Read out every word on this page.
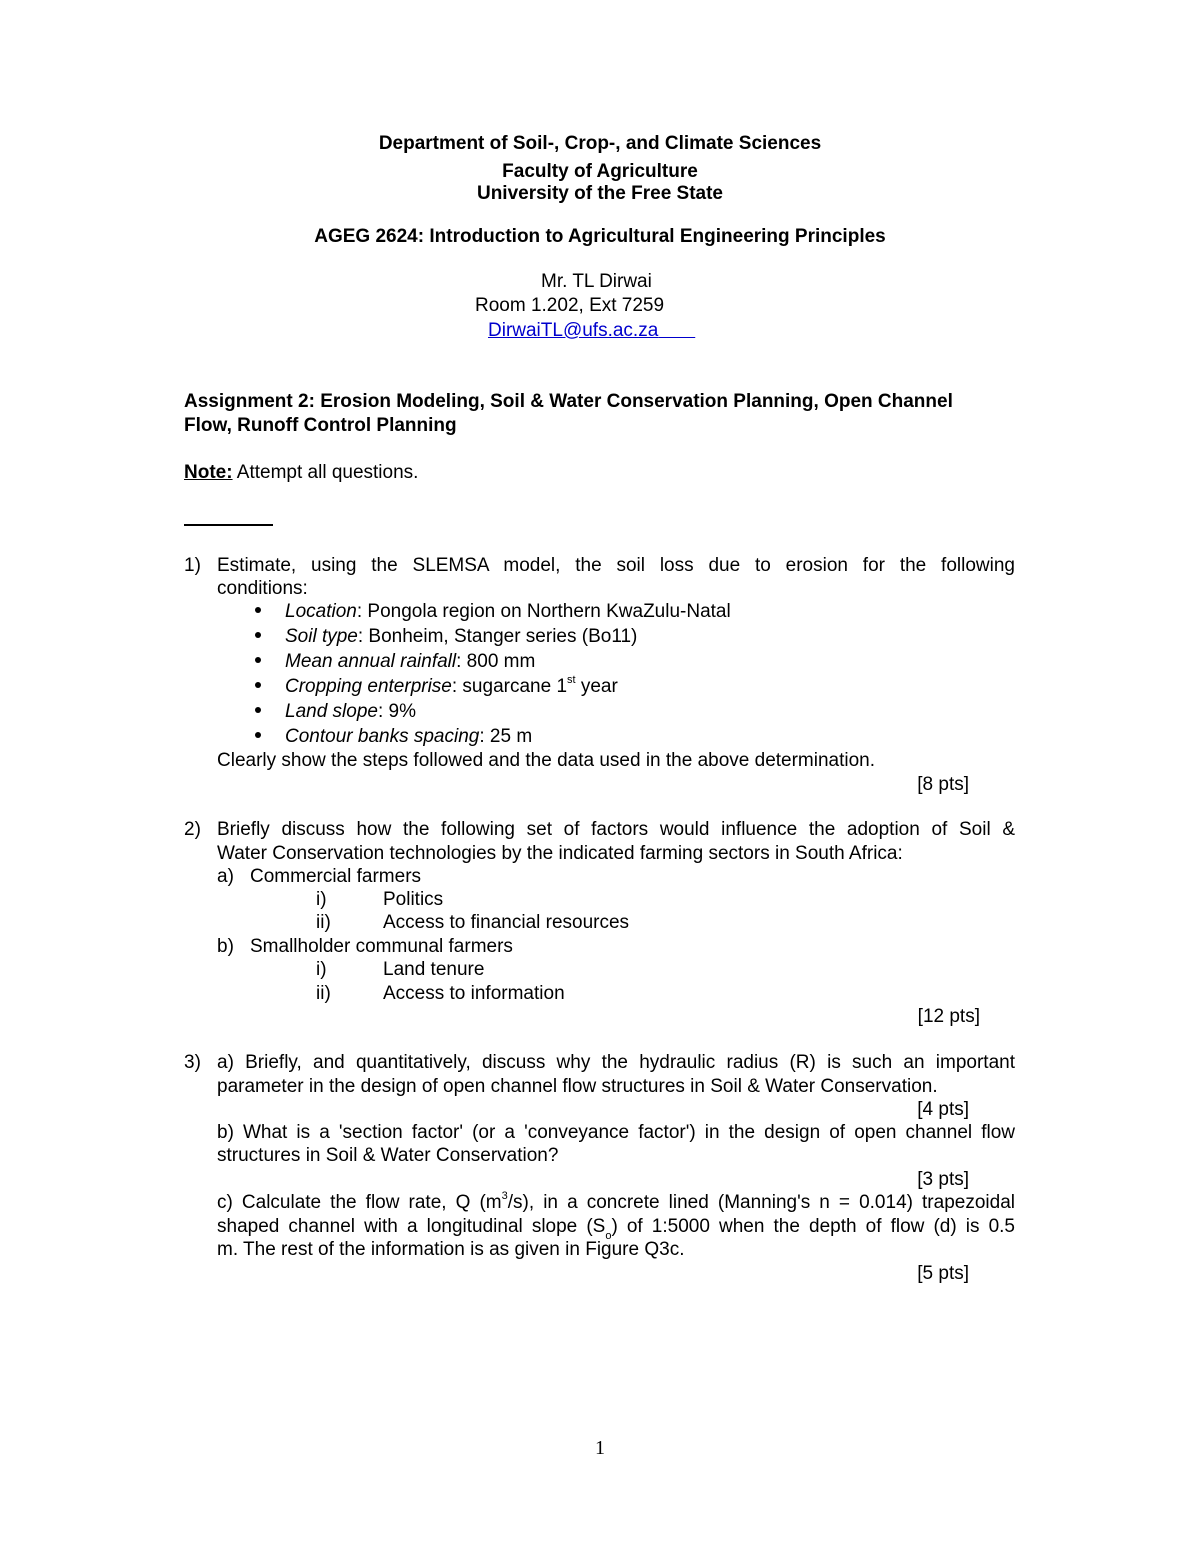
Department of Soil-, Crop-, and Climate Sciences
Faculty of Agriculture
University of the Free State
AGEG 2624: Introduction to Agricultural Engineering Principles
Mr. TL Dirwai
Room 1.202, Ext 7259
DirwaiTL@ufs.ac.za
Assignment 2: Erosion Modeling, Soil & Water Conservation Planning, Open Channel
Flow, Runoff Control Planning
Note: Attempt all questions.
1) Estimate, using the SLEMSA model, the soil loss due to erosion for the following
conditions:
Location: Pongola region on Northern KwaZulu-Natal
Soil type: Bonheim, Stanger series (Bo11)
Mean annual rainfall: 800 mm
Cropping enterprise: sugarcane 1st year
Land slope: 9%
Contour banks spacing: 25 m
Clearly show the steps followed and the data used in the above determination.
[8 pts]
2) Briefly discuss how the following set of factors would influence the adoption of Soil &
Water Conservation technologies by the indicated farming sectors in South Africa:
a) Commercial farmers
i)	Politics
ii)	Access to financial resources
b) Smallholder communal farmers
i)	Land tenure
ii)	Access to information
[12 pts]
3) a) Briefly, and quantitatively, discuss why the hydraulic radius (R) is such an important
parameter in the design of open channel flow structures in Soil & Water Conservation.
[4 pts]
b) What is a 'section factor' (or a 'conveyance factor') in the design of open channel flow
structures in Soil & Water Conservation?
[3 pts]
c) Calculate the flow rate, Q $(m^3/s)$, in a concrete lined (Manning's n = 0.014) trapezoidal
shaped channel with a longitudinal slope $(S_o)$ of 1:5000 when the depth of flow (d) is 0.5
m. The rest of the information is as given in Figure Q3c.
[5 pts]
1
